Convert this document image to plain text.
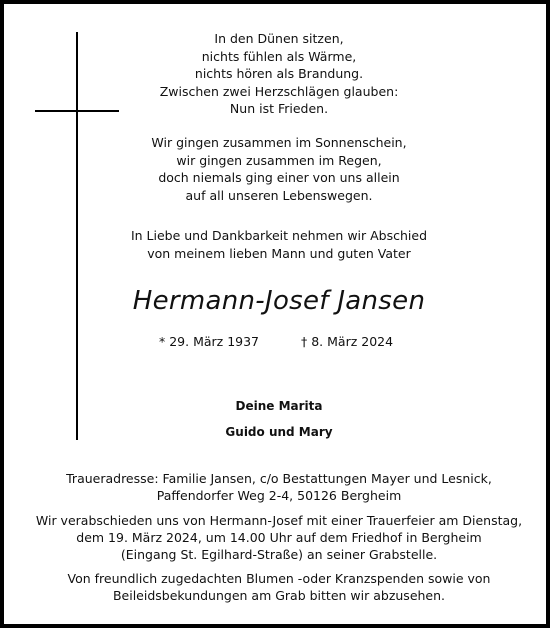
In den Dünen sitzen,
nichts fühlen als Wärme,
nichts hören als Brandung.
Zwischen zwei Herzschlägen glauben:
Nun ist Frieden.
Wir gingen zusammen im Sonnenschein,
wir gingen zusammen im Regen,
doch niemals ging einer von uns allein
auf all unseren Lebenswegen.
In Liebe und Dankbarkeit nehmen wir Abschied
von meinem lieben Mann und guten Vater
Hermann-Josef Jansen
* 29. März 1937	† 8. März 2024
Deine Marita
Guido und Mary
Traueradresse: Familie Jansen, c/o Bestattungen Mayer und Lesnick,
Paffendorfer Weg 2-4, 50126 Bergheim
Wir verabschieden uns von Hermann-Josef mit einer Trauerfeier am Dienstag,
dem 19. März 2024, um 14.00 Uhr auf dem Friedhof in Bergheim
(Eingang St. Egilhard-Straße) an seiner Grabstelle.
Von freundlich zugedachten Blumen -oder Kranzspenden sowie von
Beileidsbekundungen am Grab bitten wir abzusehen.
